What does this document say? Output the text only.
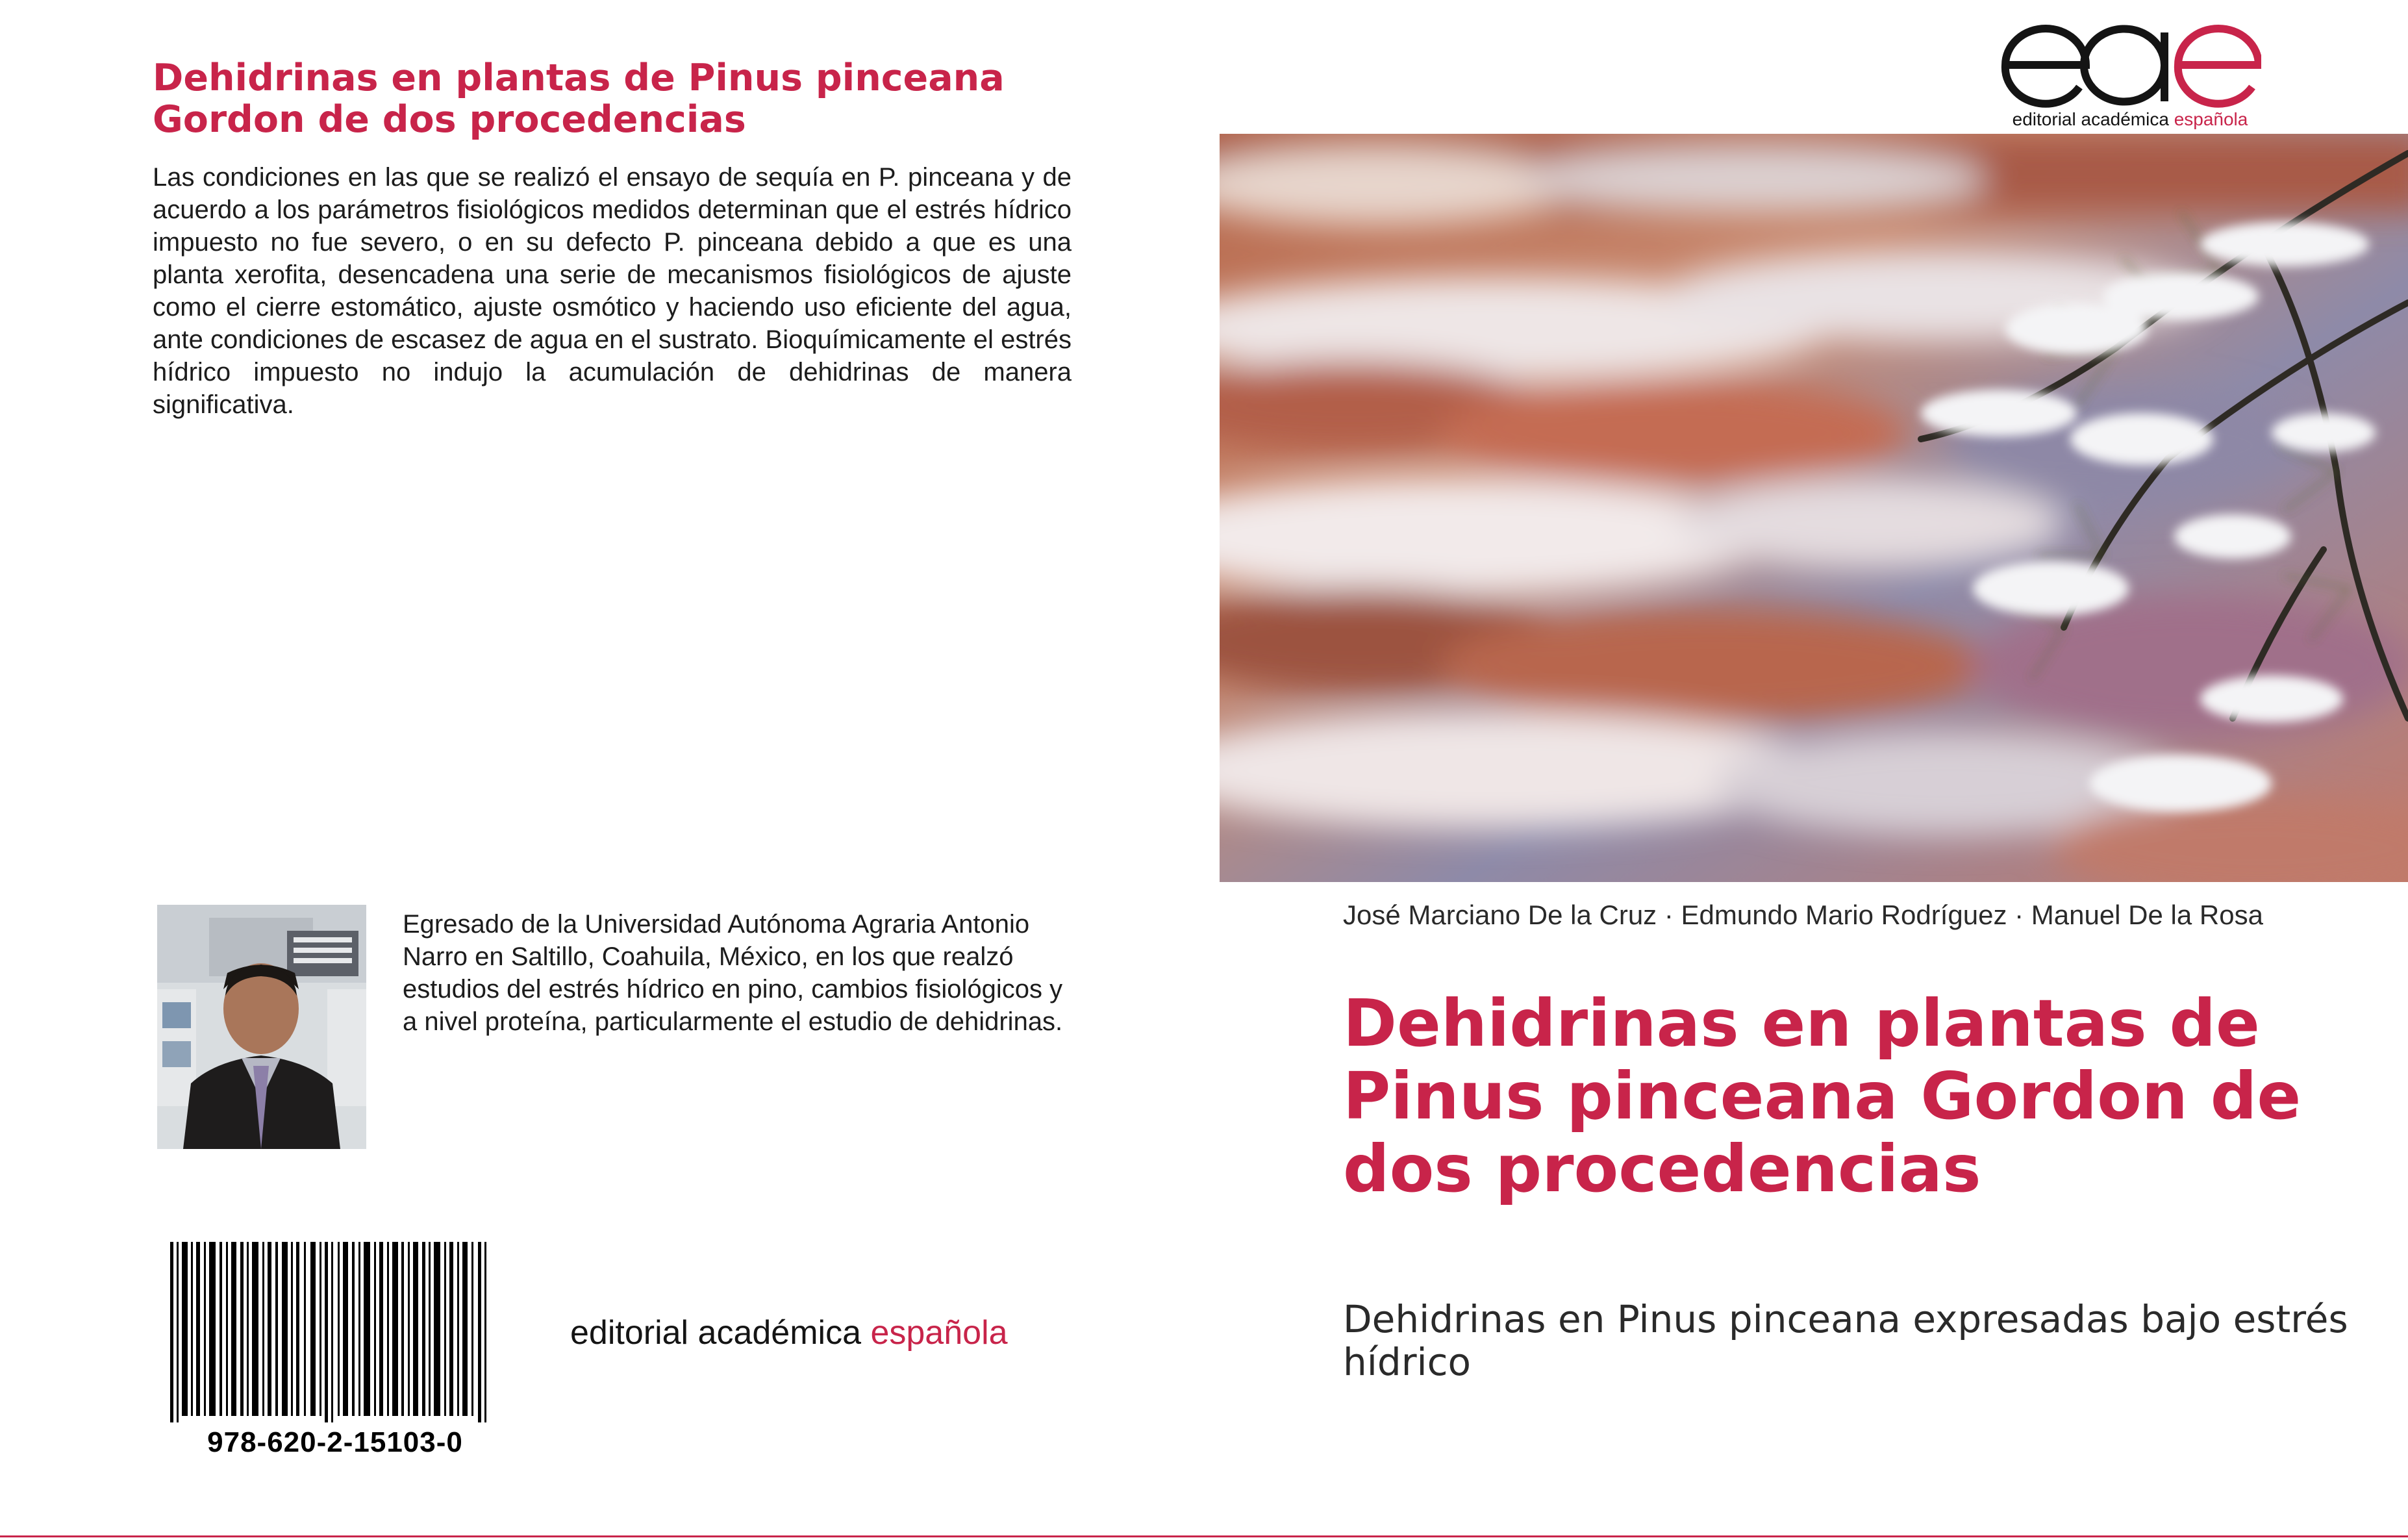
Dehidrinas en plantas de Pinus pinceana Gordon de dos procedencias

Las condiciones en las que se realizó el ensayo de sequía en P. pinceana y de acuerdo a los parámetros fisiológicos medidos determinan que el estrés hídrico impuesto no fue severo, o en su defecto P. pinceana debido a que es una planta xerofita, desencadena una serie de mecanismos fisiológicos de ajuste como el cierre estomático, ajuste osmótico y haciendo uso eficiente del agua, ante condiciones de escasez de agua en el sustrato. Bioquímicamente el estrés hídrico impuesto no indujo la acumulación de dehidrinas de manera significativa.

Egresado de la Universidad Autónoma Agraria Antonio Narro en Saltillo, Coahuila, México, en los que realzó estudios del estrés hídrico en pino, cambios fisiológicos y a nivel proteína, particularmente el estudio de dehidrinas.

978-620-2-15103-0
editorial académica española
editorial académica española

José Marciano De la Cruz · Edmundo Mario Rodríguez · Manuel De la Rosa

Dehidrinas en plantas de Pinus pinceana Gordon de dos procedencias

Dehidrinas en Pinus pinceana expresadas bajo estrés hídrico
